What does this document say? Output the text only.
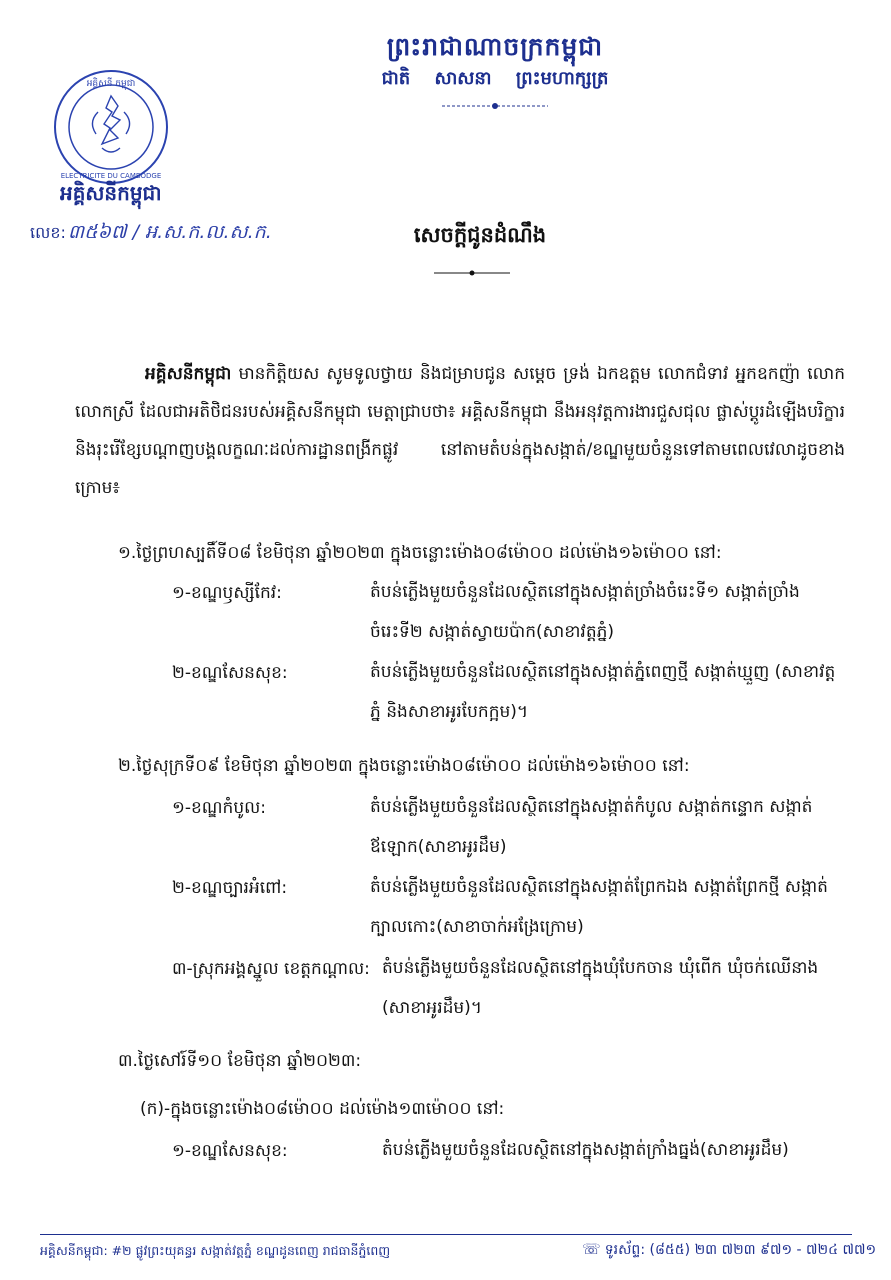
ព្រះរាជាណាចក្រកម្ពុជា
ជាតិ សាសនា ព្រះមហាក្សត្រ
អគ្គិសនី កម្ពុជា
ELECTRICITE DU CAMBODGE
អគ្គិសនីកម្ពុជា
លេខ: ៣៥៦៧ / អ.ស.ក.ល.ស.ក.	សេចក្តីជូនដំណឹង

អគ្គិសនីកម្ពុជា មានកិត្តិយស សូមទូលថ្វាយ និងជម្រាបជូន សម្តេច ទ្រង់ ឯកឧត្តម លោកជំទាវ អ្នកឧកញ៉ា លោក លោកស្រី ដែលជាអតិថិជនរបស់អគ្គិសនីកម្ពុជា មេត្តាជ្រាបថា៖ អគ្គិសនីកម្ពុជា នឹងអនុវត្តការងារជួសជុល ផ្លាស់ប្តូរដំឡើងបរិក្ខារ និងរុះរើខ្សែបណ្តាញបង្គលក្ខណៈដល់ការដ្ឋានពង្រីកផ្លូវ នៅតាមតំបន់ក្នុងសង្កាត់/ខណ្ឌមួយចំនួនទៅតាមពេលវេលាដូចខាងក្រោម៖

១.ថ្ងៃព្រហស្បតិ៍ទី០៨ ខែមិថុនា ឆ្នាំ២០២៣ ក្នុងចន្លោះម៉ោង០៨ម៉ោ០០ ដល់ម៉ោង១៦ម៉ោ០០ នៅ:
១-ខណ្ឌឫស្សីកែវ:	តំបន់ភ្លើងមួយចំនួនដែលស្ថិតនៅក្នុងសង្កាត់ច្រាំងចំរេះទី១ សង្កាត់ច្រាំងចំរេះទី២ សង្កាត់ស្វាយប៉ាក(សាខាវត្តភ្នំ)
២-ខណ្ឌសែនសុខ:	តំបន់ភ្លើងមួយចំនួនដែលស្ថិតនៅក្នុងសង្កាត់ភ្នំពេញថ្មី សង្កាត់ឃ្មួញ (សាខាវត្តភ្នំ និងសាខាអូរបែកក្អម)។
២.ថ្ងៃសុក្រទី០៩ ខែមិថុនា ឆ្នាំ២០២៣ ក្នុងចន្លោះម៉ោង០៨ម៉ោ០០ ដល់ម៉ោង១៦ម៉ោ០០ នៅ:
១-ខណ្ឌកំបូល:	តំបន់ភ្លើងមួយចំនួនដែលស្ថិតនៅក្នុងសង្កាត់កំបូល សង្កាត់កន្ទោក សង្កាត់ឪឡោក(សាខាអូរដឹម)
២-ខណ្ឌច្បារអំពៅ:	តំបន់ភ្លើងមួយចំនួនដែលស្ថិតនៅក្នុងសង្កាត់ព្រែកឯង សង្កាត់ព្រែកថ្មី សង្កាត់ក្បាលកោះ(សាខាចាក់អង្រែក្រោម)
៣-ស្រុកអង្គស្នួល ខេត្តកណ្តាល: តំបន់ភ្លើងមួយចំនួនដែលស្ថិតនៅក្នុងឃុំបែកចាន ឃុំពើក ឃុំចក់ឈើនាង (សាខាអូរដឹម)។
៣.ថ្ងៃសៅរ៍ទី១០ ខែមិថុនា ឆ្នាំ២០២៣:
(ក)-ក្នុងចន្លោះម៉ោង០៨ម៉ោ០០ ដល់ម៉ោង១៣ម៉ោ០០ នៅ:
១-ខណ្ឌសែនសុខ:	តំបន់ភ្លើងមួយចំនួនដែលស្ថិតនៅក្នុងសង្កាត់ក្រាំងធ្នង់(សាខាអូរដឹម)
អគ្គិសនីកម្ពុជា: #២ ផ្លូវព្រះយុគន្ធរ សង្កាត់វត្តភ្នំ ខណ្ឌដូនពេញ រាជធានីភ្នំពេញ	☏ ទូរស័ព្ទ: (៨៥៥) ២៣ ៧២៣ ៩៧១ - ៧២៤ ៧៧១
